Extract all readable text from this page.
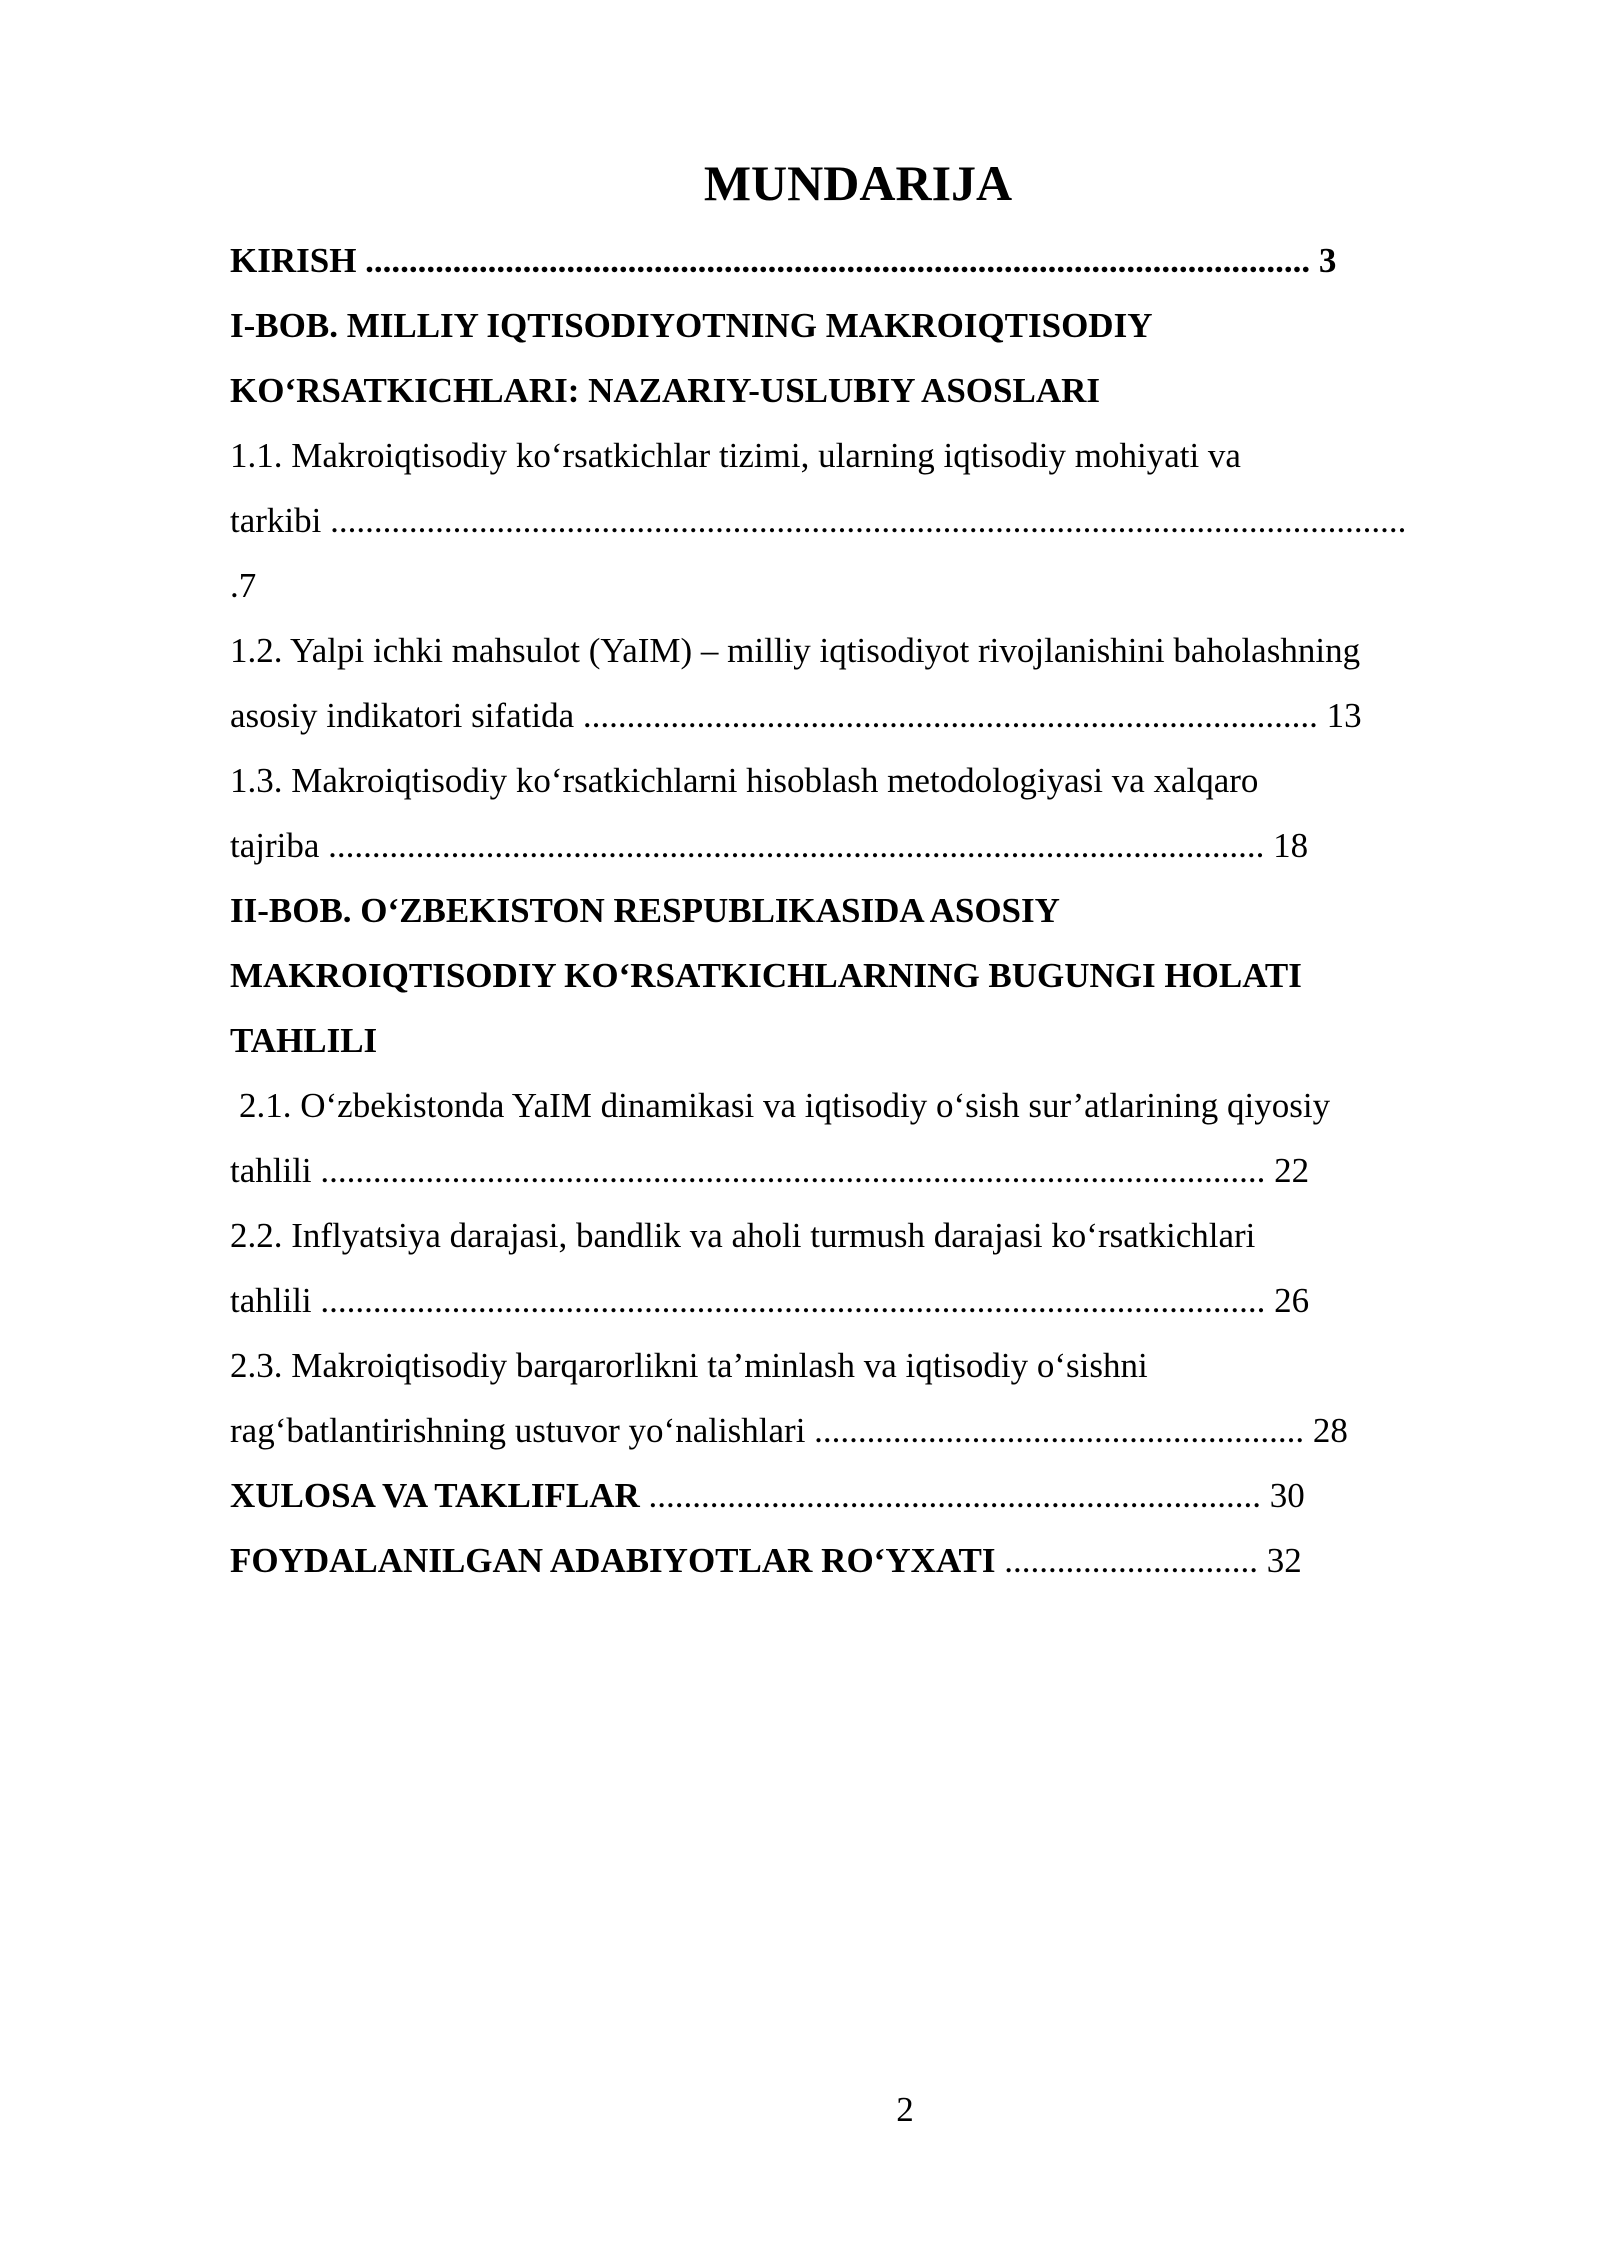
MUNDARIJA
KIRISH ............................................................................................................ 3
I-BOB. MILLIY IQTISODIYOTNING MAKROIQTISODIY
KO‘RSATKICHLARI: NAZARIY-USLUBIY ASOSLARI
1.1. Makroiqtisodiy ko‘rsatkichlar tizimi, ularning iqtisodiy mohiyati va
tarkibi ...........................................................................................................................
.7
1.2. Yalpi ichki mahsulot (YaIM) – milliy iqtisodiyot rivojlanishini baholashning
asosiy indikatori sifatida .................................................................................... 13
1.3. Makroiqtisodiy ko‘rsatkichlarni hisoblash metodologiyasi va xalqaro
tajriba ........................................................................................................... 18
II-BOB. O‘ZBEKISTON RESPUBLIKASIDA ASOSIY
MAKROIQTISODIY KO‘RSATKICHLARNING BUGUNGI HOLATI
TAHLILI
2.1. O‘zbekistonda YaIM dinamikasi va iqtisodiy o‘sish sur’atlarining qiyosiy
tahlili ............................................................................................................ 22
2.2. Inflyatsiya darajasi, bandlik va aholi turmush darajasi ko‘rsatkichlari
tahlili ............................................................................................................ 26
2.3. Makroiqtisodiy barqarorlikni ta’minlash va iqtisodiy o‘sishni
rag‘batlantirishning ustuvor yo‘nalishlari ........................................................ 28
XULOSA VA TAKLIFLAR ...................................................................... 30
FOYDALANILGAN ADABIYOTLAR RO‘YXATI ............................. 32
2
